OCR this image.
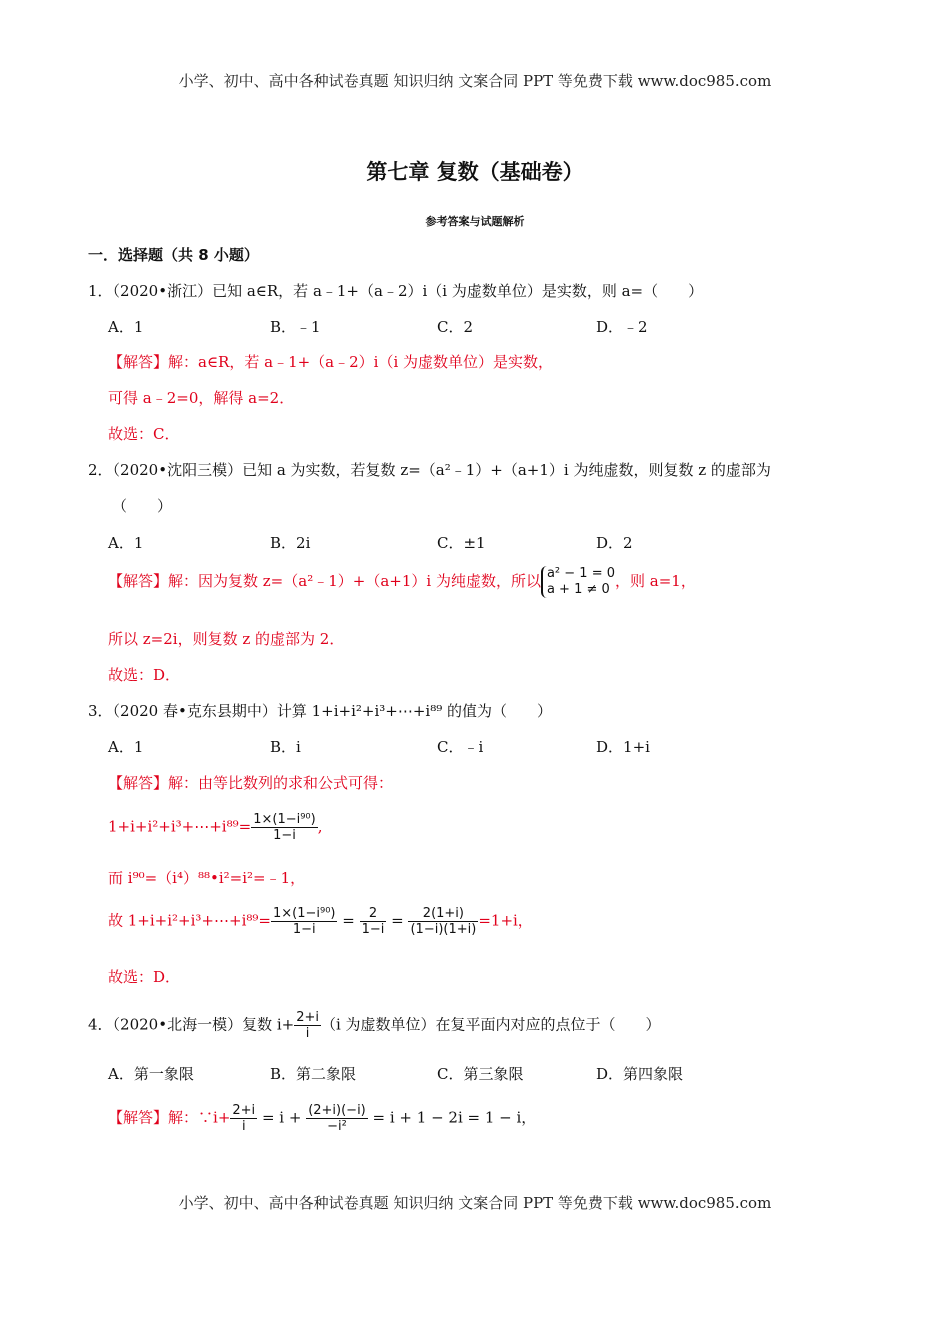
小学、初中、高中各种试卷真题 知识归纳 文案合同 PPT 等免费下载 www.doc985.com
第七章 复数（基础卷）
参考答案与试题解析
一．选择题（共 8 小题）
1．（2020•浙江）已知 a∈R，若 a﹣1+（a﹣2）i（i 为虚数单位）是实数，则 a=（　　）
A．1	B．﹣1	C．2	D．﹣2
【解答】解：a∈R，若 a﹣1+（a﹣2）i（i 为虚数单位）是实数，
可得 a﹣2=0，解得 a=2．
故选：C．
2．（2020•沈阳三模）已知 a 为实数，若复数 z=（a²﹣1）+（a+1）i 为纯虚数，则复数 z 的虚部为
（　　）
A．1	B．2i	C．±1	D．2
【解答】解：因为复数 z=（a²﹣1）+（a+1）i 为纯虚数，所以 a² − 1 = 0
a + 1 ≠ 0 ，则 a=1，
所以 z=2i，则复数 z 的虚部为 2．
故选：D．
3．（2020 春•克东县期中）计算 1+i+i²+i³+⋯+i⁸⁹ 的值为（　　）
A．1	B．i	C．﹣i	D．1+i
【解答】解：由等比数列的求和公式可得：
1+i+i²+i³+⋯+i⁸⁹= $\frac{\text{1×(1−i⁹⁰)}}{1-i}$ ,
而 i⁹⁰=（i⁴）⁸⁸•i²=i²=﹣1，
故 1+i+i²+i³+⋯+i⁸⁹= $\frac{\text{1×(1−i⁹⁰)}}{1-i} = \frac{2}{1-i} = \frac{2(1+i)}{(1-i)(1+i)} =1+i$，
故选：D．
4．（2020•北海一模）复数 $i+ \frac{2+i}{i} (i$ 为虚数单位）在复平面内对应的点位于（　　）
A．第一象限	B．第二象限	C．第三象限	D．第四象限
【解答】解：∵i+ $\frac{2+i}{i} = i + \frac{(2+i)(-i)}{\text{−i²}} = i + 1 - 2i = 1 - i$，
小学、初中、高中各种试卷真题 知识归纳 文案合同 PPT 等免费下载 www.doc985.com
